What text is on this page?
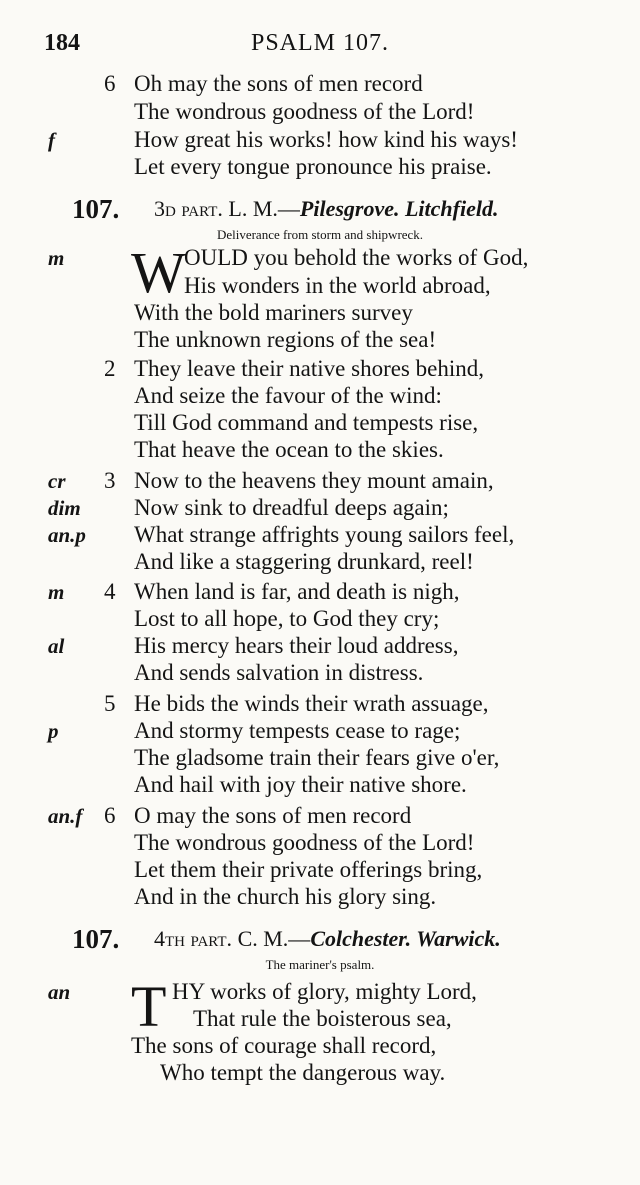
184	PSALM 107.
6 Oh may the sons of men record
The wondrous goodness of the Lord!
f	How great his works! how kind his ways!
Let every tongue pronounce his praise.
107. 3d part. L. M.—Pilesgrove. Litchfield.
Deliverance from storm and shipwreck.
m W
OULD you behold the works of God,
His wonders in the world abroad,
With the bold mariners survey
The unknown regions of the sea!
2 They leave their native shores behind,
And seize the favour of the wind:
Till God command and tempests rise,
That heave the ocean to the skies.
cr 3 Now to the heavens they mount amain,
dim Now sink to dreadful deeps again;
an.p What strange affrights young sailors feel,
And like a staggering drunkard, reel!
m 4 When land is far, and death is nigh,
Lost to all hope, to God they cry;
al	His mercy hears their loud address,
And sends salvation in distress.
5 He bids the winds their wrath assuage,
p	And stormy tempests cease to rage;
The gladsome train their fears give o'er,
And hail with joy their native shore.
an.f 6 O may the sons of men record
The wondrous goodness of the Lord!
Let them their private offerings bring,
And in the church his glory sing.
107. 4th part. C. M.—Colchester. Warwick.
The mariner's psalm.
an T HY works of glory, mighty Lord,
That rule the boisterous sea,
The sons of courage shall record,
Who tempt the dangerous way.
